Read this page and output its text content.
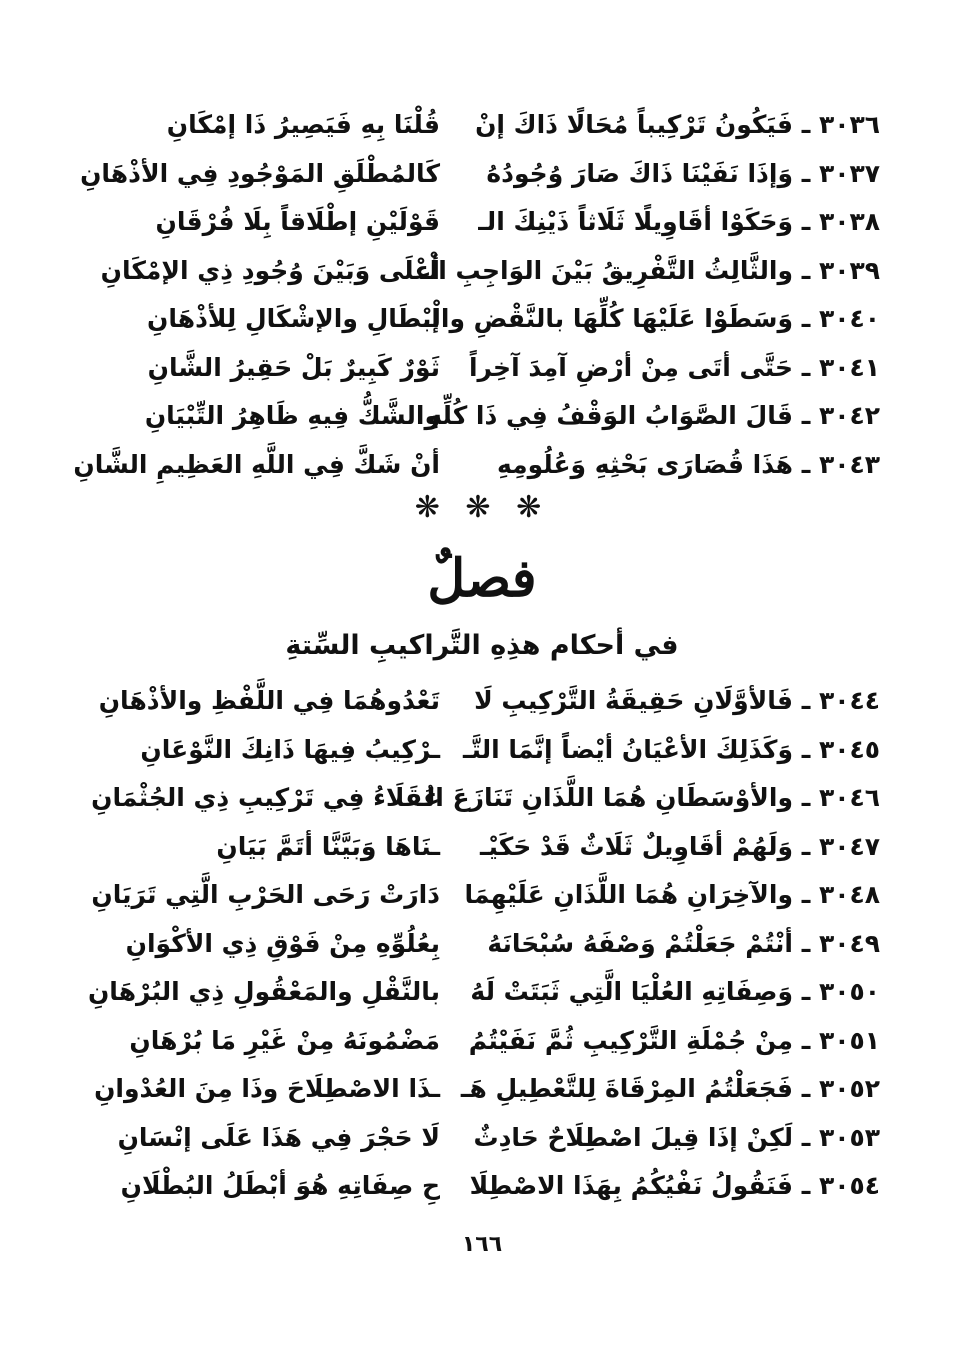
٣٠٣٦ ـ فَيَكُونُ تَرْكِيباً مُحَالًا ذَاكَ إنْ
قُلْنَا بِهِ فَيَصِيرُ ذَا إمْكَانِ
٣٠٣٧ ـ وَإذَا نَفَيْنَا ذَاكَ صَارَ وُجُودُهُ
كَالمُطْلَقِ المَوْجُودِ فِي الأذْهَانِ
٣٠٣٨ ـ وَحَكَوْا أقَاوِيلًا ثَلَاثاً ذَيْنِكَ الـ
قَوْلَيْنِ إطْلَاقاً بِلَا فُرْقَانِ
٣٠٣٩ ـ والثَّالِثُ التَّفْرِيقُ بَيْنَ الوَاجِبِ الْـ
أعْلَى وَبَيْنَ وُجُودِ ذِي الإمْكَانِ
٣٠٤٠ ـ وَسَطَوْا عَلَيْهَا كُلِّهَا بالنَّقْضِ والْـ
إبْطَالِ والإشْكَالِ لِلأذْهَانِ
٣٠٤١ ـ حَتَّى أتَى مِنْ أرْضِ آمِدَ آخِراً
ثَوْرٌ كَبِيرٌ بَلْ حَقِيرُ الشَّانِ
٣٠٤٢ ـ قَالَ الصَّوَابُ الوَقْفُ فِي ذَا كُلِّهِ
والشَّكُّ فِيهِ ظَاهِرُ التِّبْيَانِ
٣٠٤٣ ـ هَذَا قُصَارَى بَحْثِهِ وَعُلُومِهِ
أنْ شَكَّ فِي اللَّهِ العَظِيمِ الشَّانِ
❋ ❋ ❋
فصلٌ
في أحكام هذِهِ التَّراكيبِ السِّتةِ
٣٠٤٤ ـ فَالأوَّلَانِ حَقِيقَةُ التَّرْكِيبِ لَا
تَعْدُوهُمَا فِي اللَّفْظِ والأذْهَانِ
٣٠٤٥ ـ وَكَذَلِكَ الأعْيَانُ أيْضاً إنَّمَا التَّـ
ـرْكِيبُ فِيهَا ذَانِكَ النَّوْعَانِ
٣٠٤٦ ـ والأوْسَطَانِ هُمَا اللَّذَانِ تَنَازَعَ الـ
عُقَلَاءُ فِي تَرْكِيبِ ذِي الجُثْمَانِ
٣٠٤٧ ـ وَلَهُمْ أقَاوِيلٌ ثَلَاثٌ قَدْ حَكَيْـ
ـنَاهَا وَبَيَّنَّا أتَمَّ بَيَانِ
٣٠٤٨ ـ والآخِرَانِ هُمَا اللَّذَانِ عَلَيْهِمَا
دَارَتْ رَحَى الحَرْبِ الَّتِي تَرَيَانِ
٣٠٤٩ ـ أنْتُمْ جَعَلْتُمْ وَصْفَهُ سُبْحَانَهُ
بِعُلُوِّهِ مِنْ فَوْقِ ذِي الأكْوَانِ
٣٠٥٠ ـ وَصِفَاتِهِ العُلْيَا الَّتِي ثَبَتَتْ لَهُ
بالنَّقْلِ والمَعْقُولِ ذِي البُرْهَانِ
٣٠٥١ ـ مِنْ جُمْلَةِ التَّرْكِيبِ ثُمَّ نَفَيْتُمُ
مَضْمُونَهُ مِنْ غَيْرِ مَا بُرْهَانِ
٣٠٥٢ ـ فَجَعَلْتُمُ المِرْقَاةَ لِلتَّعْطِيلِ هَـ
ـذَا الاصْطِلَاحَ وذَا مِنَ العُدْوانِ
٣٠٥٣ ـ لَكِنْ إذَا قِيلَ اصْطِلَاحٌ حَادِثٌ
لَا حَجْرَ فِي هَذَا عَلَى إنْسَانِ
٣٠٥٤ ـ فَنَقُولُ نَفْيُكُمُ بِهَذَا الاصْطِلَا
حِ صِفَاتِهِ هُوَ أبْطَلُ البُطْلَانِ
١٦٦
